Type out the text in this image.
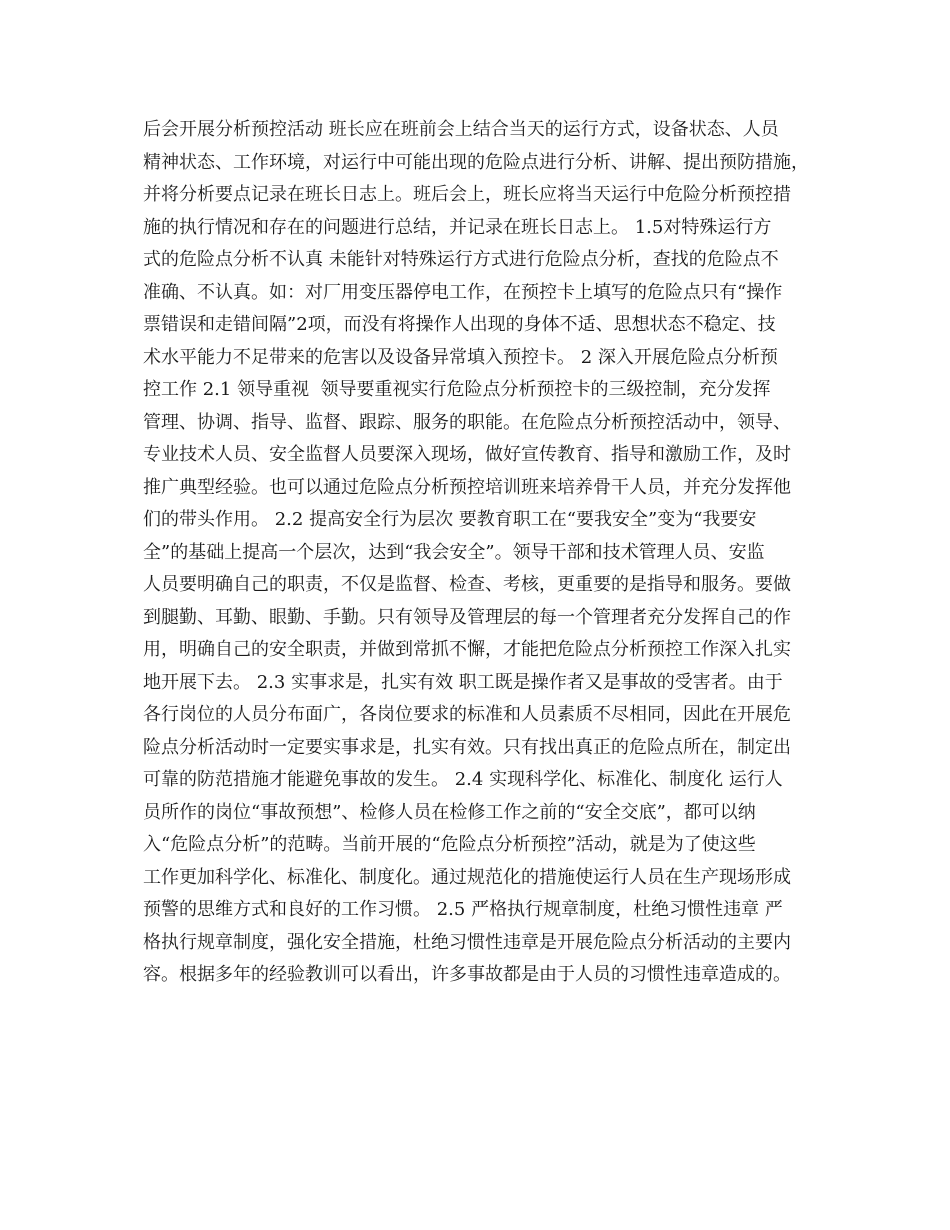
后会开展分析预控活动 班长应在班前会上结合当天的运行方式，设备状态、人员
精神状态、工作环境，对运行中可能出现的危险点进行分析、讲解、提出预防措施，
并将分析要点记录在班长日志上。班后会上，班长应将当天运行中危险分析预控措
施的执行情况和存在的问题进行总结，并记录在班长日志上。 1.5对特殊运行方
式的危险点分析不认真 未能针对特殊运行方式进行危险点分析，查找的危险点不
准确、不认真。如：对厂用变压器停电工作，在预控卡上填写的危险点只有“操作
票错误和走错间隔”2项，而没有将操作人出现的身体不适、思想状态不稳定、技
术水平能力不足带来的危害以及设备异常填入预控卡。 2 深入开展危险点分析预
控工作 2.1 领导重视  领导要重视实行危险点分析预控卡的三级控制，充分发挥
管理、协调、指导、监督、跟踪、服务的职能。在危险点分析预控活动中，领导、
专业技术人员、安全监督人员要深入现场，做好宣传教育、指导和激励工作，及时
推广典型经验。也可以通过危险点分析预控培训班来培养骨干人员，并充分发挥他
们的带头作用。 2.2 提高安全行为层次 要教育职工在“要我安全”变为“我要安
全”的基础上提高一个层次，达到“我会安全”。领导干部和技术管理人员、安监
人员要明确自己的职责，不仅是监督、检查、考核，更重要的是指导和服务。要做
到腿勤、耳勤、眼勤、手勤。只有领导及管理层的每一个管理者充分发挥自己的作
用，明确自己的安全职责，并做到常抓不懈，才能把危险点分析预控工作深入扎实
地开展下去。 2.3 实事求是，扎实有效 职工既是操作者又是事故的受害者。由于
各行岗位的人员分布面广，各岗位要求的标准和人员素质不尽相同，因此在开展危
险点分析活动时一定要实事求是，扎实有效。只有找出真正的危险点所在，制定出
可靠的防范措施才能避免事故的发生。 2.4 实现科学化、标准化、制度化 运行人
员所作的岗位“事故预想”、检修人员在检修工作之前的“安全交底”，都可以纳
入“危险点分析”的范畴。当前开展的“危险点分析预控”活动，就是为了使这些
工作更加科学化、标准化、制度化。通过规范化的措施使运行人员在生产现场形成
预警的思维方式和良好的工作习惯。 2.5 严格执行规章制度，杜绝习惯性违章 严
格执行规章制度，强化安全措施，杜绝习惯性违章是开展危险点分析活动的主要内
容。根据多年的经验教训可以看出，许多事故都是由于人员的习惯性违章造成的。
